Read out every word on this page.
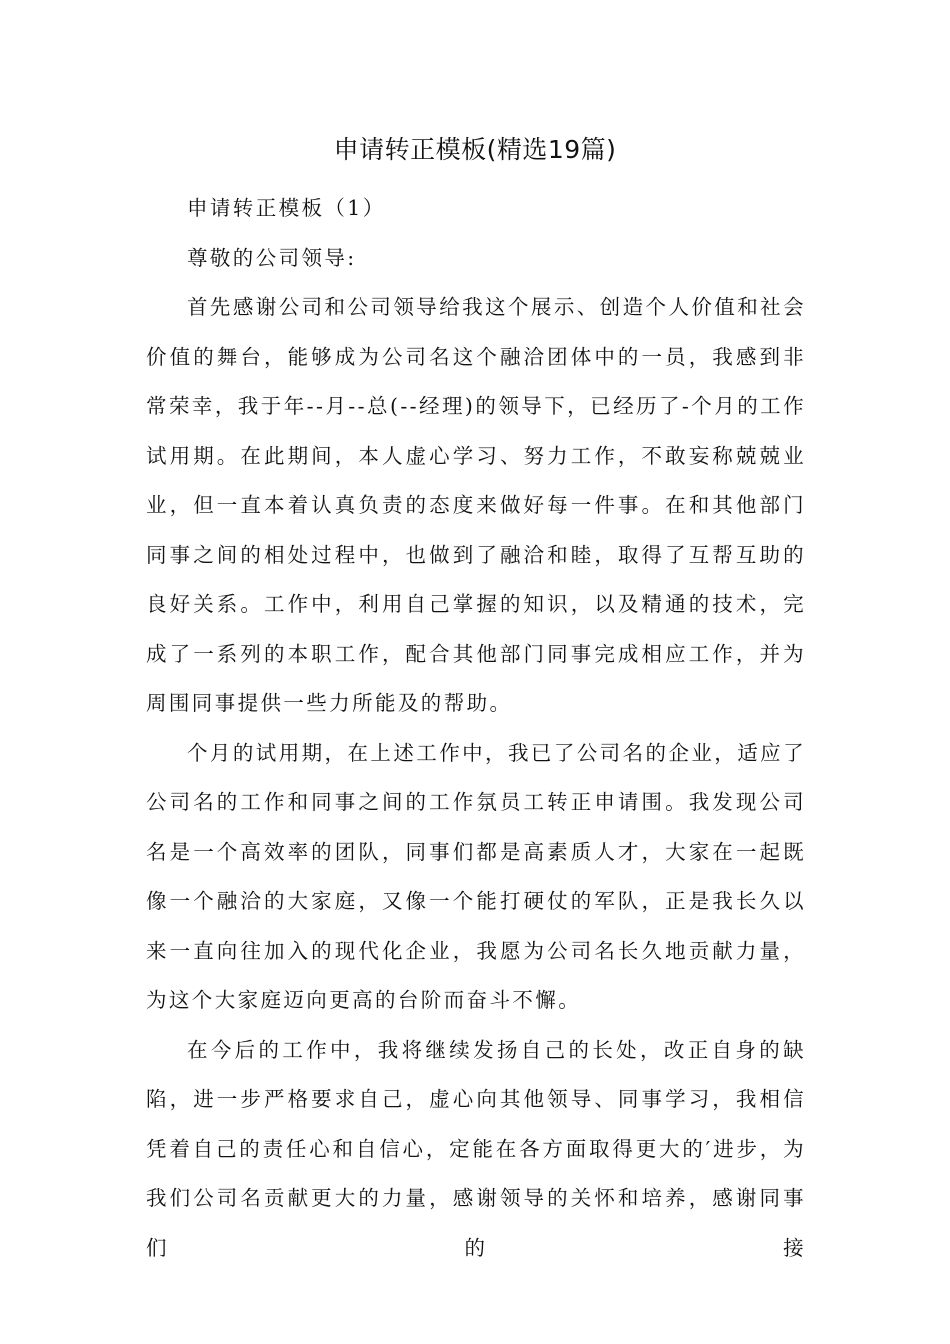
申请转正模板(精选19篇)

申请转正模板（1）

尊敬的公司领导:

首先感谢公司和公司领导给我这个展示、创造个人价值和社会价值的舞台，能够成为公司名这个融洽团体中的一员，我感到非常荣幸，我于年--月--总(--经理)的领导下，已经历了-个月的工作试用期。在此期间，本人虚心学习、努力工作，不敢妄称兢兢业业，但一直本着认真负责的态度来做好每一件事。在和其他部门同事之间的相处过程中，也做到了融洽和睦，取得了互帮互助的良好关系。工作中，利用自己掌握的知识，以及精通的技术，完成了一系列的本职工作，配合其他部门同事完成相应工作，并为周围同事提供一些力所能及的帮助。

个月的试用期，在上述工作中，我已了公司名的企业，适应了公司名的工作和同事之间的工作氛员工转正申请围。我发现公司名是一个高效率的团队，同事们都是高素质人才，大家在一起既像一个融洽的大家庭，又像一个能打硬仗的军队，正是我长久以来一直向往加入的现代化企业，我愿为公司名长久地贡献力量，为这个大家庭迈向更高的台阶而奋斗不懈。

在今后的工作中，我将继续发扬自己的长处，改正自身的缺陷，进一步严格要求自己，虚心向其他领导、同事学习，我相信凭着自己的责任心和自信心，定能在各方面取得更大的′进步，为我们公司名贡献更大的力量，感谢领导的关怀和培养，感谢同事们的接
